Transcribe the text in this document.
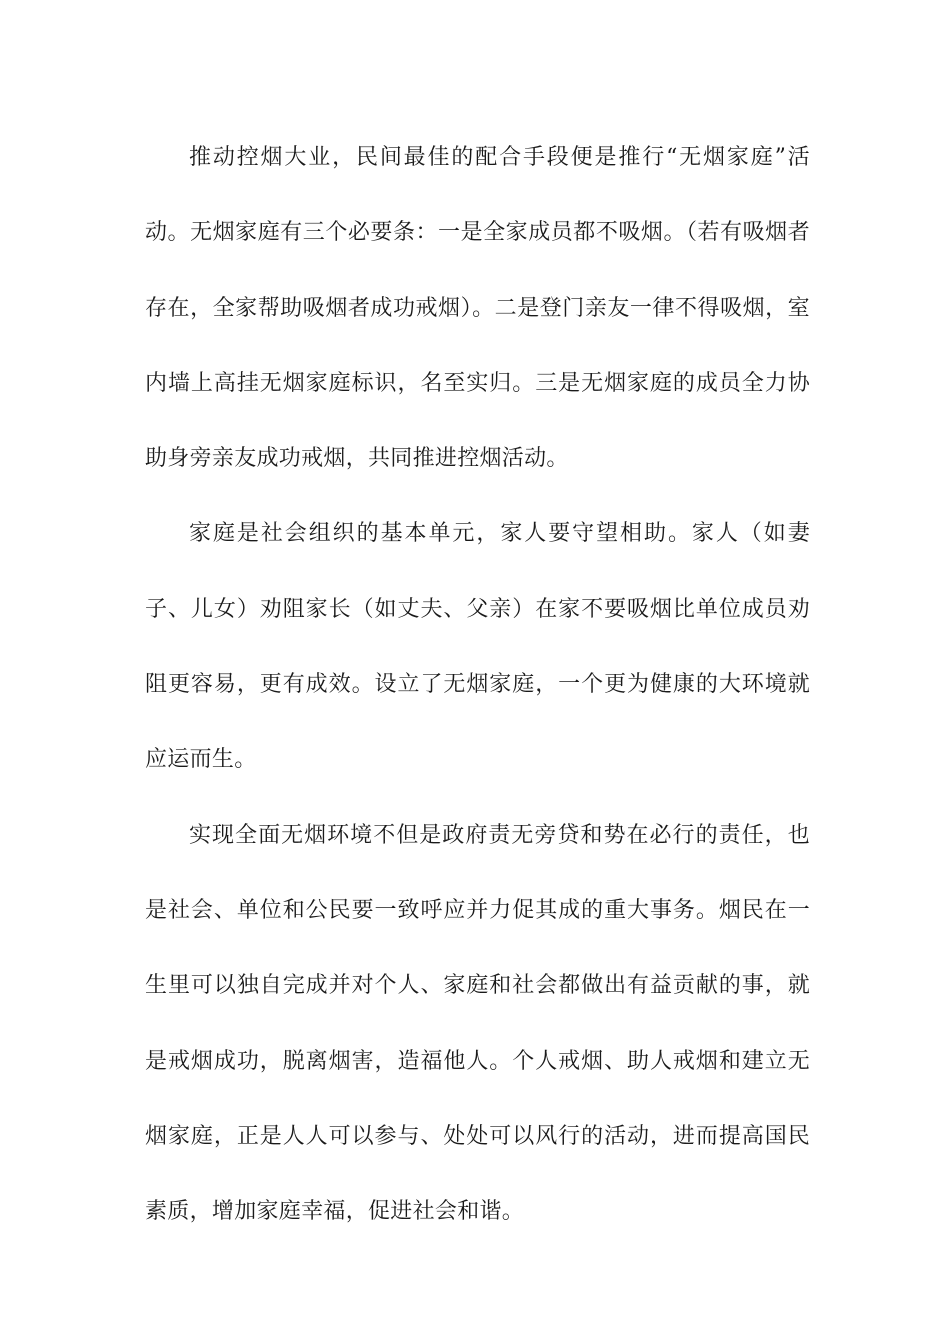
推动控烟大业，民间最佳的配合手段便是推行“无烟家庭”活动。无烟家庭有三个必要条：一是全家成员都不吸烟。（若有吸烟者存在，全家帮助吸烟者成功戒烟）。二是登门亲友一律不得吸烟，室内墙上高挂无烟家庭标识，名至实归。三是无烟家庭的成员全力协助身旁亲友成功戒烟，共同推进控烟活动。

家庭是社会组织的基本单元，家人要守望相助。家人（如妻子、儿女）劝阻家长（如丈夫、父亲）在家不要吸烟比单位成员劝阻更容易，更有成效。设立了无烟家庭，一个更为健康的大环境就应运而生。

实现全面无烟环境不但是政府责无旁贷和势在必行的责任，也是社会、单位和公民要一致呼应并力促其成的重大事务。烟民在一生里可以独自完成并对个人、家庭和社会都做出有益贡献的事，就是戒烟成功，脱离烟害，造福他人。个人戒烟、助人戒烟和建立无烟家庭，正是人人可以参与、处处可以风行的活动，进而提高国民素质，增加家庭幸福，促进社会和谐。
